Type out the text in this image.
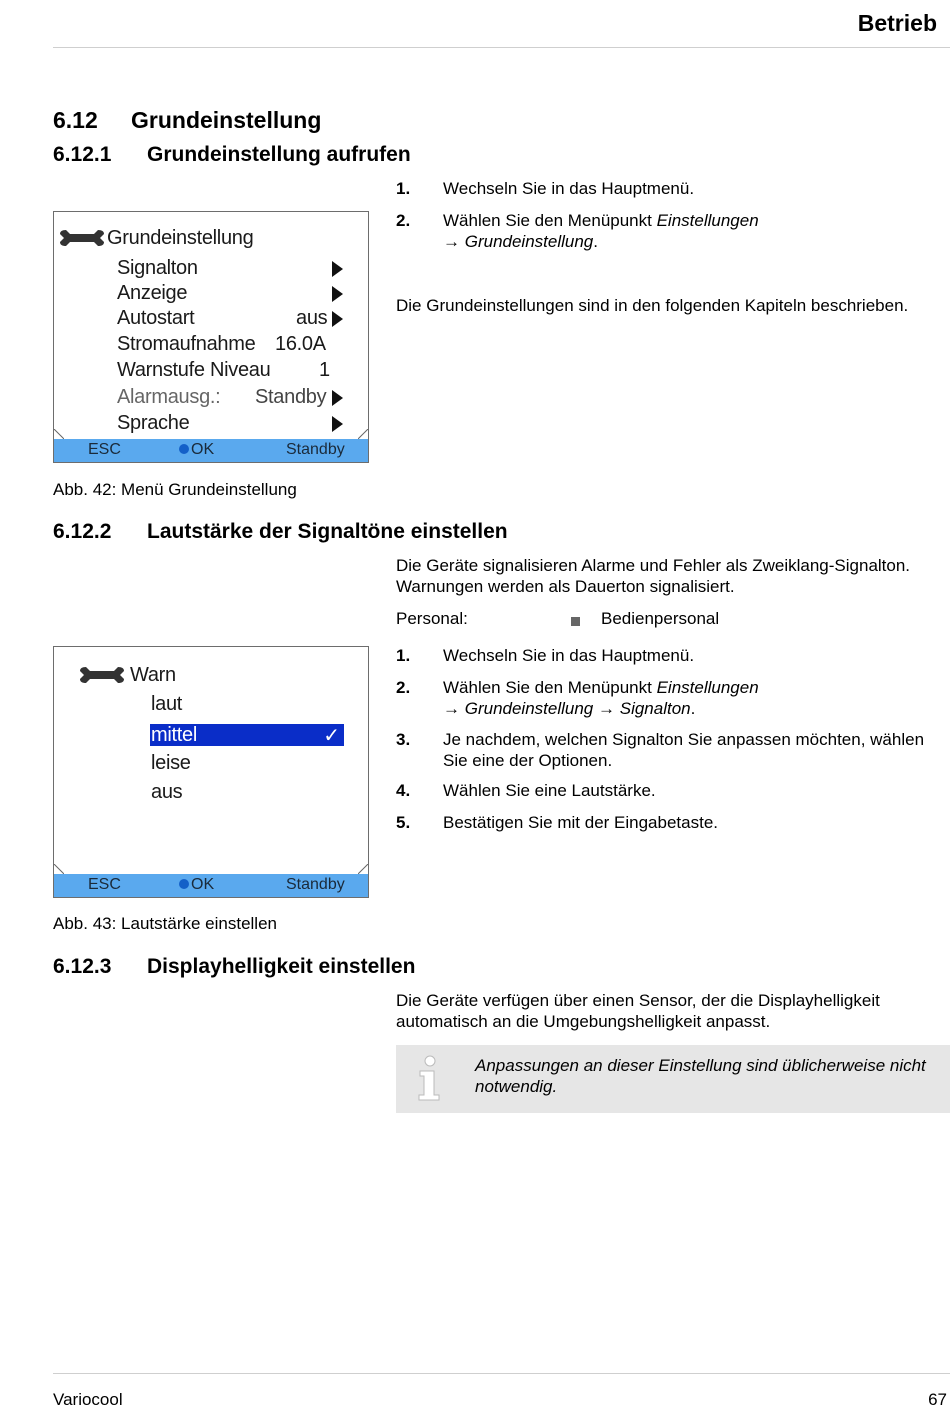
Betrieb
6.12 Grundeinstellung
6.12.1 Grundeinstellung aufrufen
1. Wechseln Sie in das Hauptmenü.
2. Wählen Sie den Menüpunkt Einstellungen
→ Grundeinstellung.
Die Grundeinstellungen sind in den folgenden Kapiteln beschrieben.
Grundeinstellung
Signalton
Anzeige
Autostart	aus
Stromaufnahme 16.0A
Warnstufe Niveau 1
Alarmausg.: Standby
Sprache
ESC	OK	Standby
Abb. 42: Menü Grundeinstellung
6.12.2 Lautstärke der Signaltöne einstellen
Die Geräte signalisieren Alarme und Fehler als Zweiklang-Signalton. Warnungen werden als Dauerton signalisiert.
Personal:	Bedienpersonal
1. Wechseln Sie in das Hauptmenü.
2. Wählen Sie den Menüpunkt Einstellungen
→ Grundeinstellung → Signalton.
3. Je nachdem, welchen Signalton Sie anpassen möchten, wählen Sie eine der Optionen.
4. Wählen Sie eine Lautstärke.
5. Bestätigen Sie mit der Eingabetaste.
Warn
laut
mittel	✓
leise
aus
ESC	OK	Standby
Abb. 43: Lautstärke einstellen
6.12.3 Displayhelligkeit einstellen
Die Geräte verfügen über einen Sensor, der die Displayhelligkeit automatisch an die Umgebungshelligkeit anpasst.
Anpassungen an dieser Einstellung sind üblicherweise nicht notwendig.
Variocool	67
